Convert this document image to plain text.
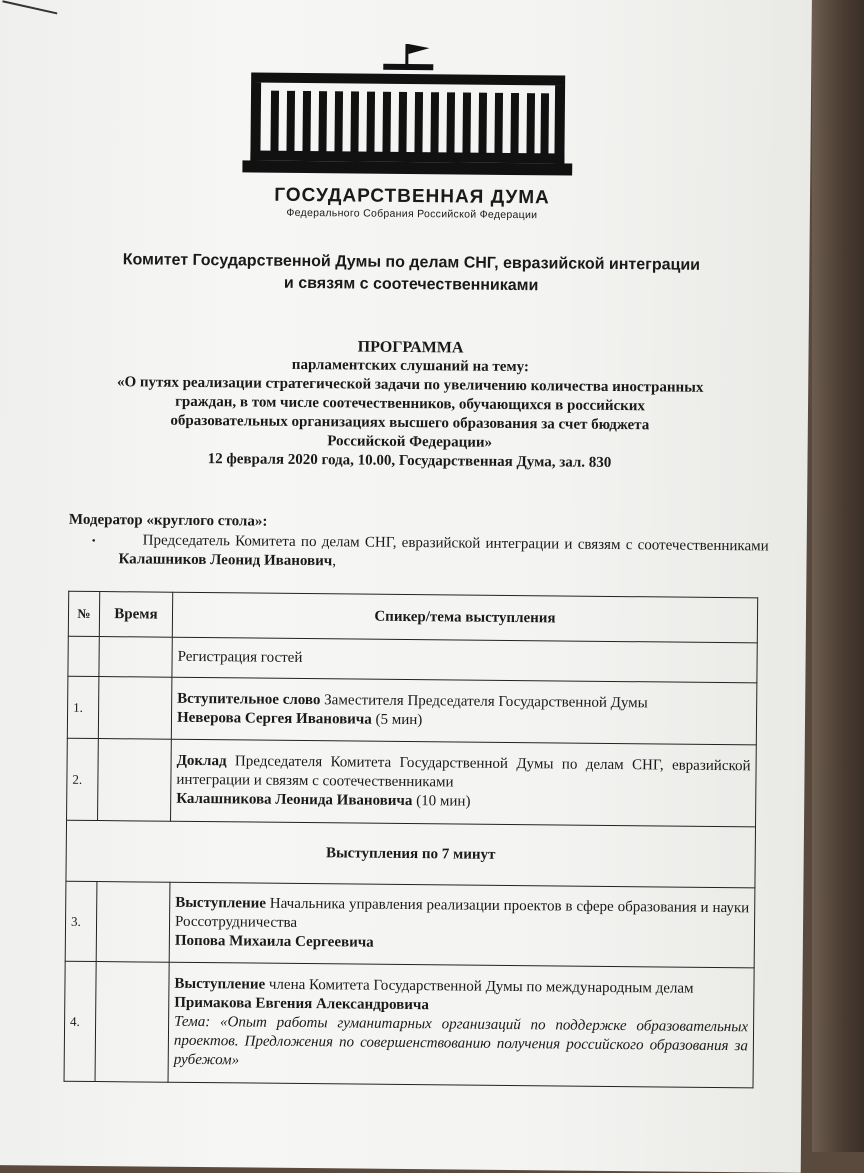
ГОСУДАРСТВЕННАЯ ДУМА
Федерального Собрания Российской Федерации
Комитет Государственной Думы по делам СНГ, евразийской интеграции
и связям с соотечественниками
ПРОГРАММА
парламентских слушаний на тему:
«О путях реализации стратегической задачи по увеличению количества иностранных
граждан, в том числе соотечественников, обучающихся в российских
образовательных организациях высшего образования за счет бюджета
Российской Федерации»
12 февраля 2020 года, 10.00, Государственная Дума, зал. 830
Модератор «круглого стола»:
•	Председатель Комитета по делам СНГ, евразийской интеграции и связям с соотечественниками Калашников Леонид Иванович,
№	Время	Спикер/тема выступления
		Регистрация гостей
1.		Вступительное слово Заместителя Председателя Государственной Думы
Неверова Сергея Ивановича (5 мин)
2.		Доклад Председателя Комитета Государственной Думы по делам СНГ, евразийской интеграции и связям с соотечественниками
Калашникова Леонида Ивановича (10 мин)
Выступления по 7 минут		
3.		Выступление Начальника управления реализации проектов в сфере образования и науки Россотрудничества
Попова Михаила Сергеевича
4.		Выступление члена Комитета Государственной Думы по международным делам
Примакова Евгения Александровича
Тема: «Опыт работы гуманитарных организаций по поддержке образовательных проектов. Предложения по совершенствованию получения российского образования за рубежом»
